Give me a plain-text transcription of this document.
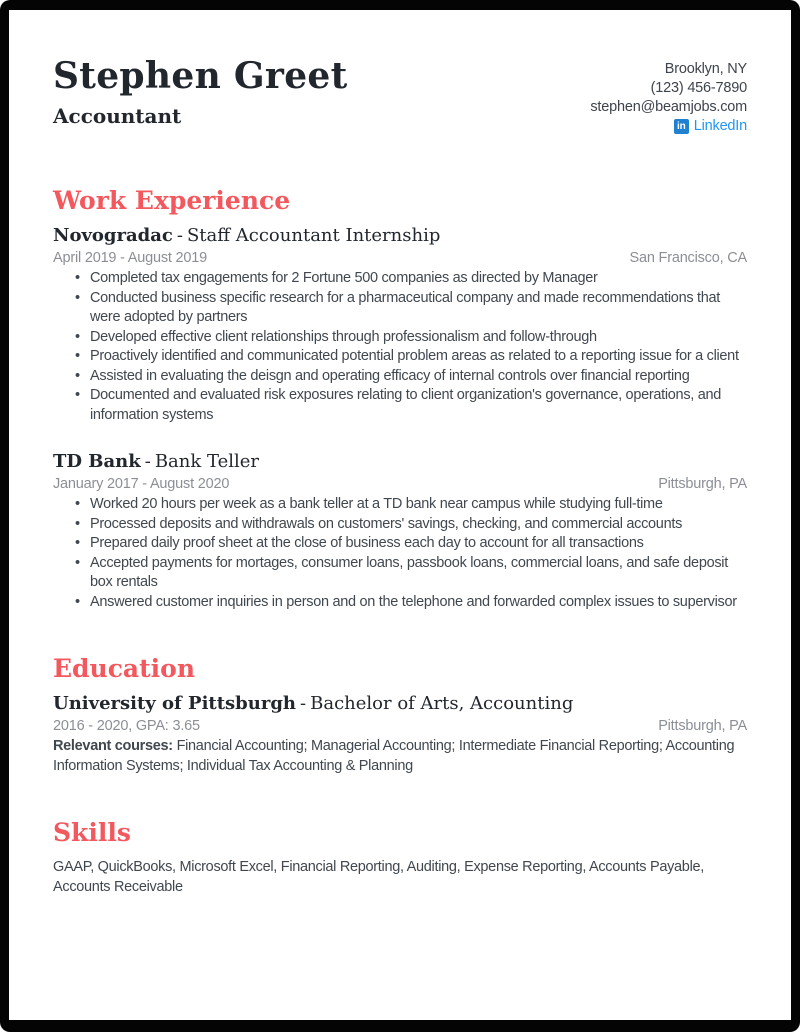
Stephen Greet
Accountant
Brooklyn, NY
(123) 456-7890
stephen@beamjobs.com
in LinkedIn
Work Experience
Novogradac - Staff Accountant Internship
April 2019 - August 2019	San Francisco, CA
• Completed tax engagements for 2 Fortune 500 companies as directed by Manager
• Conducted business specific research for a pharmaceutical company and made recommendations that were adopted by partners
• Developed effective client relationships through professionalism and follow-through
• Proactively identified and communicated potential problem areas as related to a reporting issue for a client
• Assisted in evaluating the deisgn and operating efficacy of internal controls over financial reporting
• Documented and evaluated risk exposures relating to client organization's governance, operations, and information systems
TD Bank - Bank Teller
January 2017 - August 2020	Pittsburgh, PA
• Worked 20 hours per week as a bank teller at a TD bank near campus while studying full-time
• Processed deposits and withdrawals on customers' savings, checking, and commercial accounts
• Prepared daily proof sheet at the close of business each day to account for all transactions
• Accepted payments for mortages, consumer loans, passbook loans, commercial loans, and safe deposit box rentals
• Answered customer inquiries in person and on the telephone and forwarded complex issues to supervisor
Education
University of Pittsburgh - Bachelor of Arts, Accounting
2016 - 2020, GPA: 3.65	Pittsburgh, PA

Relevant courses: Financial Accounting; Managerial Accounting; Intermediate Financial Reporting; Accounting Information Systems; Individual Tax Accounting & Planning

Skills

GAAP, QuickBooks, Microsoft Excel, Financial Reporting, Auditing, Expense Reporting, Accounts Payable, Accounts Receivable
